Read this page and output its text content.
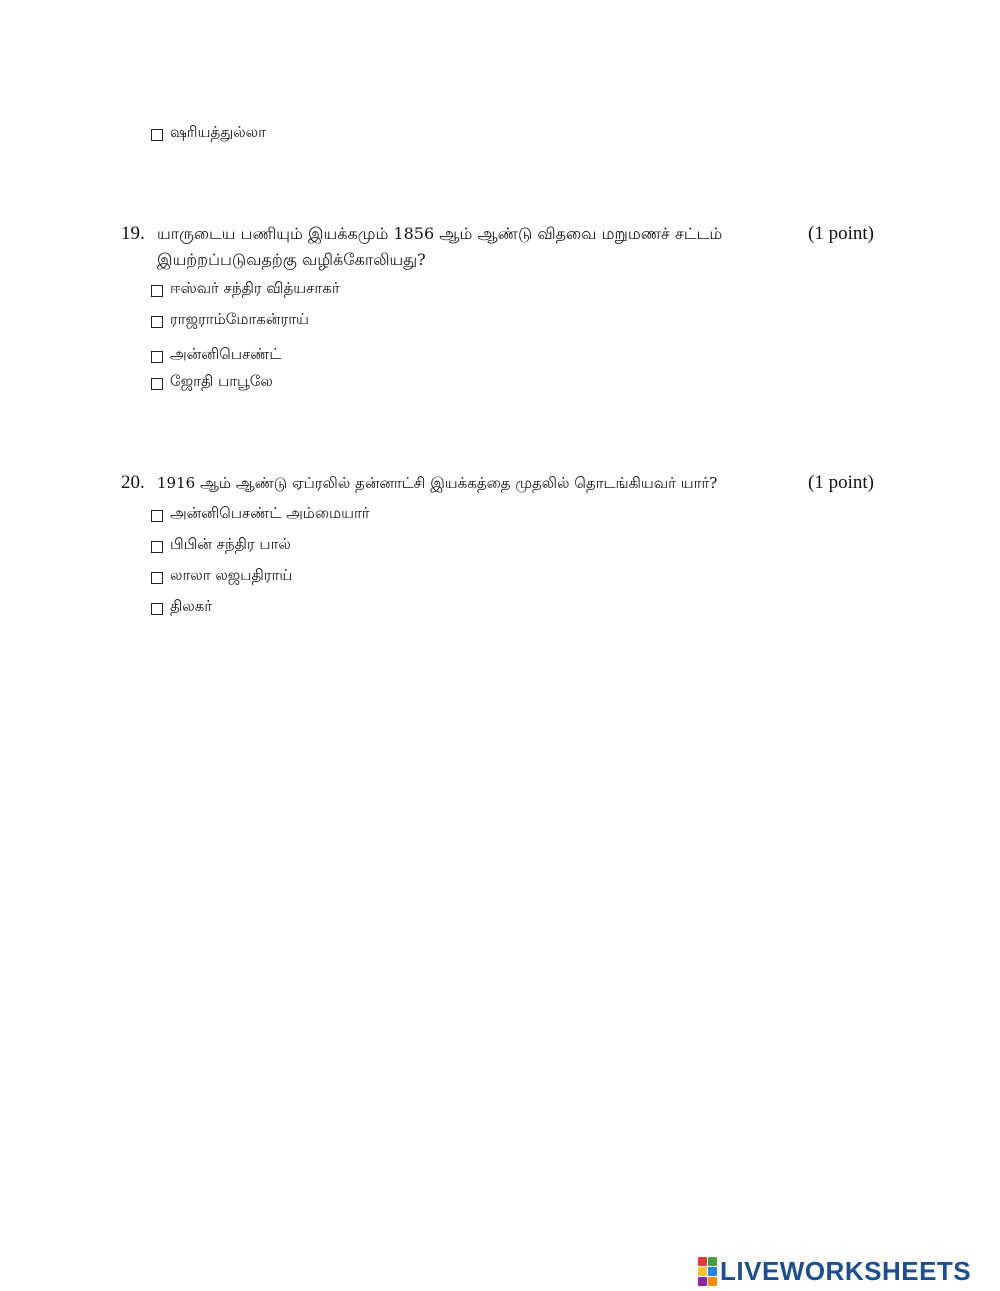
ஷரியத்துல்லா
19. யாருடைய பணியும் இயக்கமும் 1856 ஆம் ஆண்டு விதவை மறுமணச் சட்டம்
இயற்றப்படுவதற்கு வழிக்கோலியது?
(1 point)
ஈஸ்வர் சந்திர வித்யசாகர்
ராஜராம்மோகன்ராய்
அன்னிபெசண்ட்
ஜோதி பாபூலே
20. 1916 ஆம் ஆண்டு ஏப்ரலில் தன்னாட்சி இயக்கத்தை முதலில் தொடங்கியவர் யார்?	(1 point)
அன்னிபெசண்ட் அம்மையார்
பிபின் சந்திர பால்
லாலா லஜபதிராய்
திலகர்
LIVEWORKSHEETS
